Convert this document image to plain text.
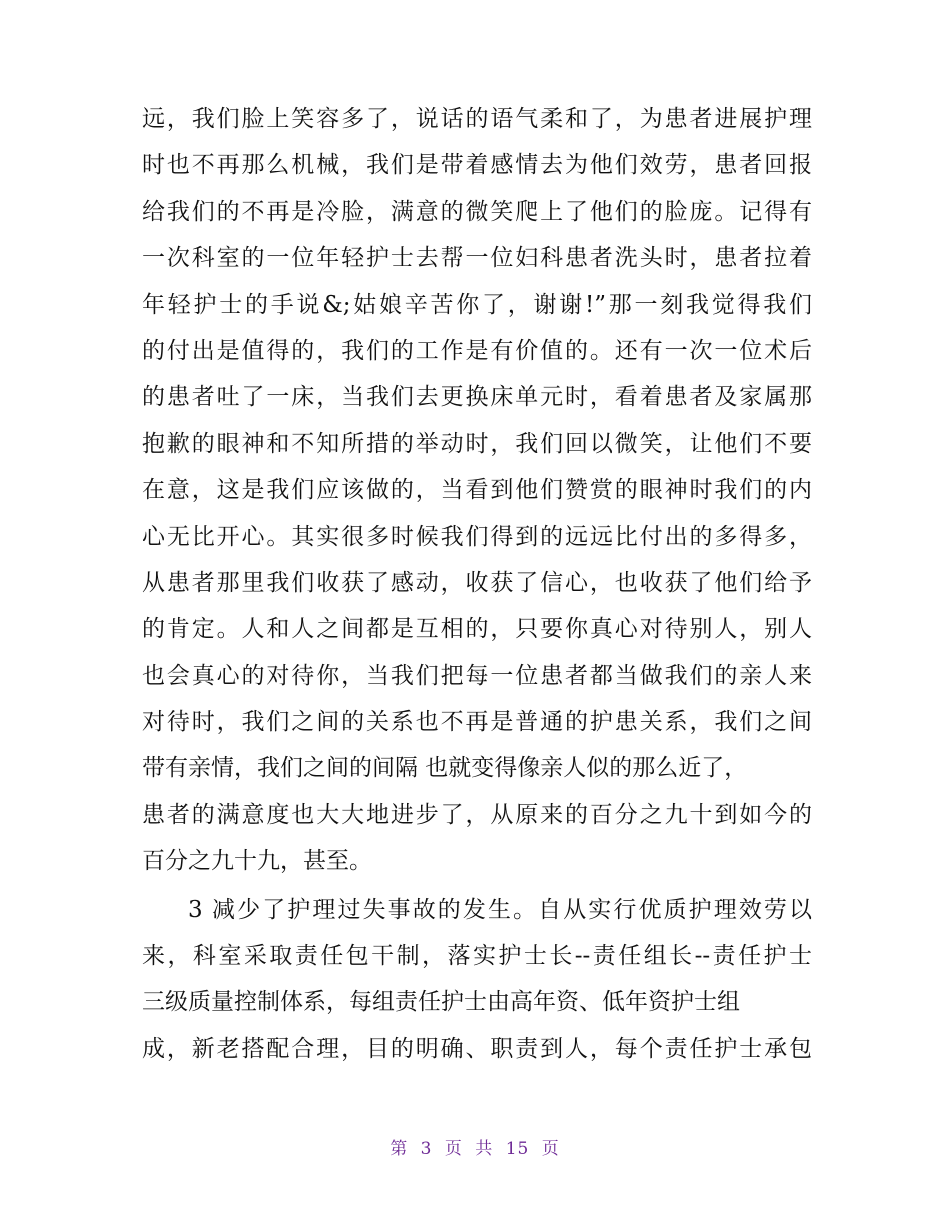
远，我们脸上笑容多了，说话的语气柔和了，为患者进展护理
时也不再那么机械，我们是带着感情去为他们效劳，患者回报
给我们的不再是冷脸，满意的微笑爬上了他们的脸庞。记得有
一次科室的一位年轻护士去帮一位妇科患者洗头时，患者拉着
年轻护士的手说&;姑娘辛苦你了，谢谢!”那一刻我觉得我们
的付出是值得的，我们的工作是有价值的。还有一次一位术后
的患者吐了一床，当我们去更换床单元时，看着患者及家属那
抱歉的眼神和不知所措的举动时，我们回以微笑，让他们不要
在意，这是我们应该做的，当看到他们赞赏的眼神时我们的内
心无比开心。其实很多时候我们得到的远远比付出的多得多，
从患者那里我们收获了感动，收获了信心，也收获了他们给予
的肯定。人和人之间都是互相的，只要你真心对待别人，别人
也会真心的对待你，当我们把每一位患者都当做我们的亲人来
对待时，我们之间的关系也不再是普通的护患关系，我们之间
带有亲情，我们之间的间隔 也就变得像亲人似的那么近了，
患者的满意度也大大地进步了，从原来的百分之九十到如今的
百分之九十九，甚至。
3 减少了护理过失事故的发生。自从实行优质护理效劳以
来，科室采取责任包干制，落实护士长--责任组长--责任护士
三级质量控制体系，每组责任护士由高年资、低年资护士组
成，新老搭配合理，目的明确、职责到人，每个责任护士承包
第 3 页 共 15 页
